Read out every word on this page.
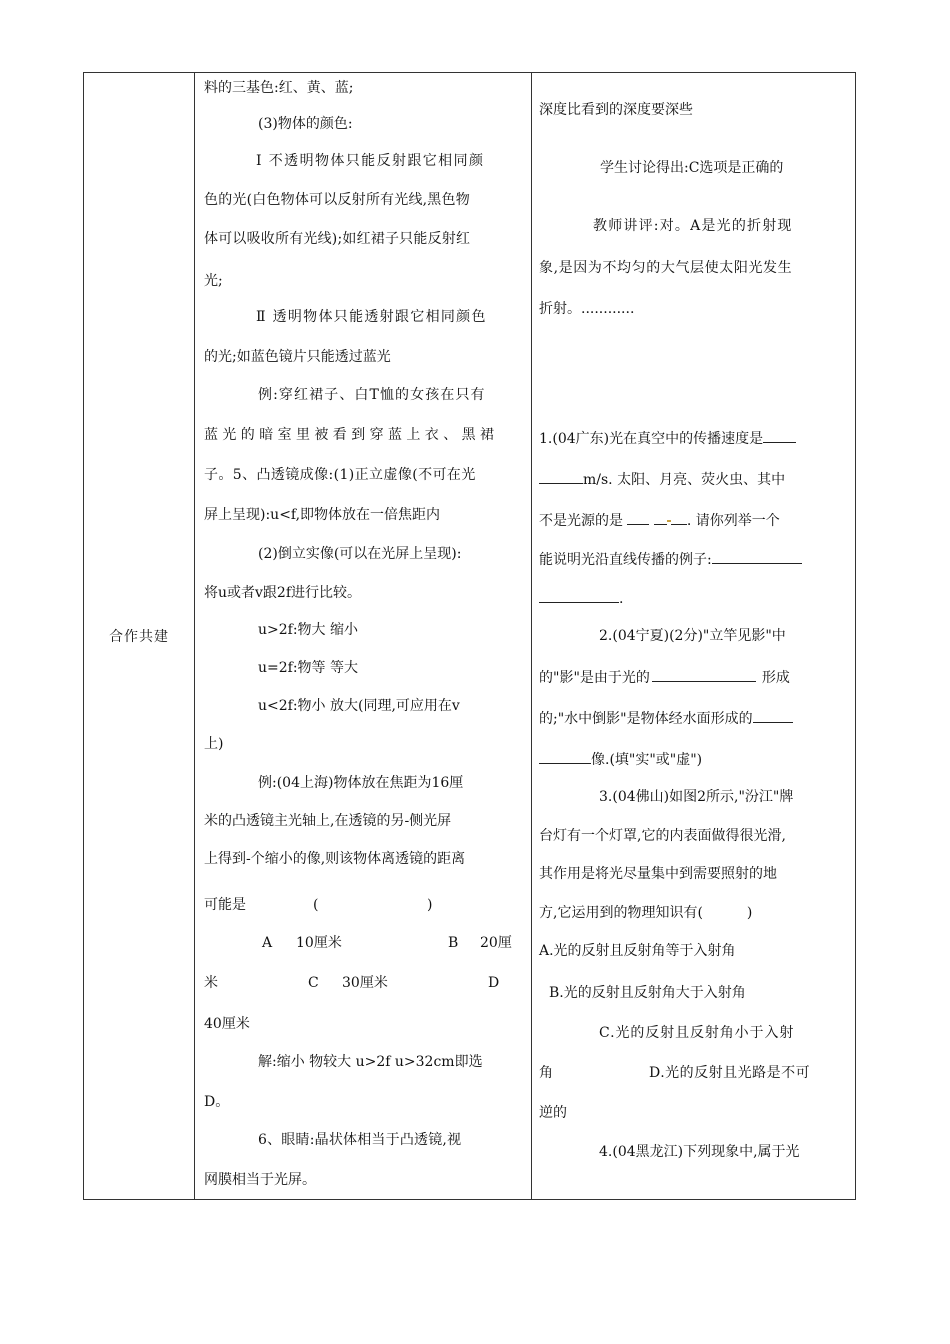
合作共建
料的三基色:红、黄、蓝;
(3)物体的颜色:
Ⅰ 不透明物体只能反射跟它相同颜
色的光(白色物体可以反射所有光线,黑色物
体可以吸收所有光线);如红裙子只能反射红
光;
Ⅱ 透明物体只能透射跟它相同颜色
的光;如蓝色镜片只能透过蓝光
例:穿红裙子、白T恤的女孩在只有
蓝光的暗室里被看到穿蓝上衣、黑裙
子。5、凸透镜成像:(1)正立虚像(不可在光
屏上呈现):u<f,即物体放在一倍焦距内
(2)倒立实像(可以在光屏上呈现):
将u或者v跟2f进行比较。
u>2f:物大 缩小
u=2f:物等 等大
u<2f:物小 放大(同理,可应用在v
上)
例:(04上海)物体放在焦距为16厘
米的凸透镜主光轴上,在透镜的另-侧光屏
上得到-个缩小的像,则该物体离透镜的距离
可能是	(	)
A 10厘米	B 20厘
米	C 30厘米	D
40厘米
解:缩小 物较大 u>2f u>32cm即选
D。
6、眼睛:晶状体相当于凸透镜,视
网膜相当于光屏。
深度比看到的深度要深些
学生讨论得出:C选项是正确的
教师讲评:对。A是光的折射现
象,是因为不均匀的大气层使太阳光发生
折射。............
1.(04广东)光在真空中的传播速度是
m/s. 太阳、月亮、荧火虫、其中
不是光源的是	. 请你列举一个
能说明光沿直线传播的例子:
.
2.(04宁夏)(2分)"立竿见影"中
的"影"是由于光的	形成
的;"水中倒影"是物体经水面形成的
像.(填"实"或"虚")
3.(04佛山)如图2所示,"汾江"牌
台灯有一个灯罩,它的内表面做得很光滑,
其作用是将光尽量集中到需要照射的地
方,它运用到的物理知识有(	)
A.光的反射且反射角等于入射角
B.光的反射且反射角大于入射角
C.光的反射且反射角小于入射
角	D.光的反射且光路是不可
逆的
4.(04黑龙江)下列现象中,属于光
